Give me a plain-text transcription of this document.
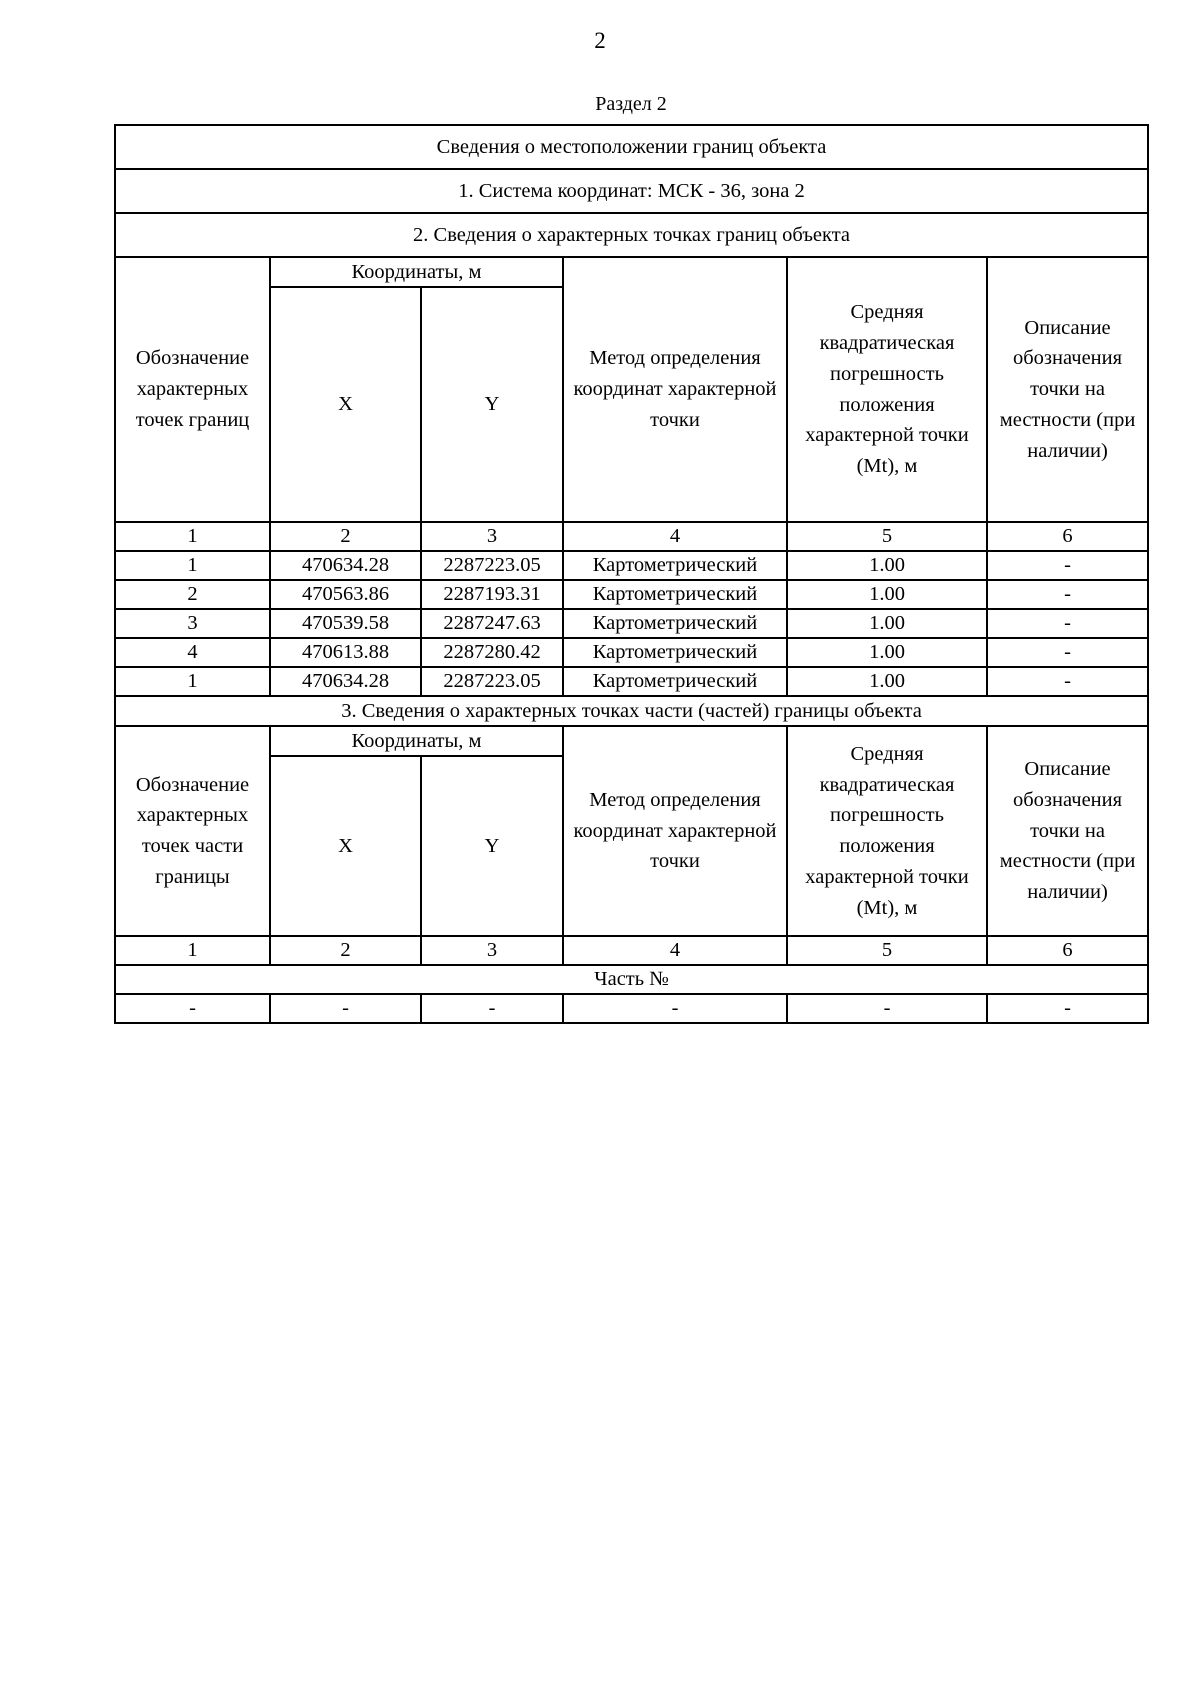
2
Раздел 2
Сведения о местоположении границ объекта					
1. Система координат: МСК - 36, зона 2					
2. Сведения о характерных точках границ объекта					
Обозначение характерных точек границ	Координаты, м		Метод определения координат характерной точки	Средняя квадратическая погрешность положения характерной точки (Mt), м	Описание обозначения точки на местности (при наличии)
	X	Y			
1	2	3	4	5	6
1	470634.28	2287223.05	Картометрический	1.00	-
2	470563.86	2287193.31	Картометрический	1.00	-
3	470539.58	2287247.63	Картометрический	1.00	-
4	470613.88	2287280.42	Картометрический	1.00	-
1	470634.28	2287223.05	Картометрический	1.00	-
3. Сведения о характерных точках части (частей) границы объекта					

Обозначение характерных
точек части
границы	Координаты, м		Метод определения координат характерной точки	Средняя квадратическая погрешность положения характерной точки (Mt), м	Описание обозначения точки на местности (при наличии)
	X	Y			
1	2	3	4	5	6
Часть №					
-	-	-	-	-	-
